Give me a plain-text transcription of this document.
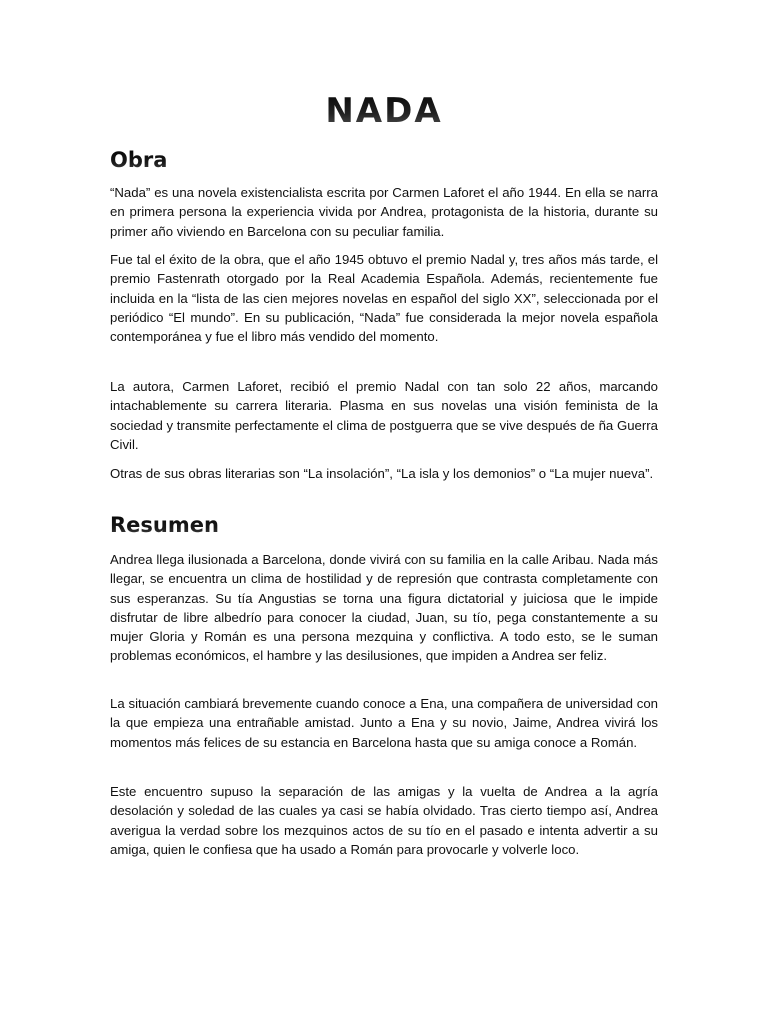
NADA
Obra

“Nada” es una novela existencialista escrita por Carmen Laforet el año 1944. En ella se narra en primera persona la experiencia vivida por Andrea, protagonista de la historia, durante su primer año viviendo en Barcelona con su peculiar familia.

Fue tal el éxito de la obra, que el año 1945 obtuvo el premio Nadal y, tres años más tarde, el premio Fastenrath otorgado por la Real Academia Española. Además, recientemente fue incluida en la “lista de las cien mejores novelas en español del siglo XX”, seleccionada por el periódico “El mundo”. En su publicación, “Nada” fue considerada la mejor novela española contemporánea y fue el libro más vendido del momento.

La autora, Carmen Laforet, recibió el premio Nadal con tan solo 22 años, marcando intachablemente su carrera literaria. Plasma en sus novelas una visión feminista de la sociedad y transmite perfectamente el clima de postguerra que se vive después de ña Guerra Civil.

Otras de sus obras literarias son “La insolación”, “La isla y los demonios” o “La mujer nueva”.

Resumen

Andrea llega ilusionada a Barcelona, donde vivirá con su familia en la calle Aribau. Nada más llegar, se encuentra un clima de hostilidad y de represión que contrasta completamente con sus esperanzas. Su tía Angustias se torna una figura dictatorial y juiciosa que le impide disfrutar de libre albedrío para conocer la ciudad, Juan, su tío, pega constantemente a su mujer Gloria y Román es una persona mezquina y conflictiva. A todo esto, se le suman problemas económicos, el hambre y las desilusiones, que impiden a Andrea ser feliz.

La situación cambiará brevemente cuando conoce a Ena, una compañera de universidad con la que empieza una entrañable amistad. Junto a Ena y su novio, Jaime, Andrea vivirá los momentos más felices de su estancia en Barcelona hasta que su amiga conoce a Román.

Este encuentro supuso la separación de las amigas y la vuelta de Andrea a la agría desolación y soledad de las cuales ya casi se había olvidado. Tras cierto tiempo así, Andrea averigua la verdad sobre los mezquinos actos de su tío en el pasado e intenta advertir a su amiga, quien le confiesa que ha usado a Román para provocarle y volverle loco.
